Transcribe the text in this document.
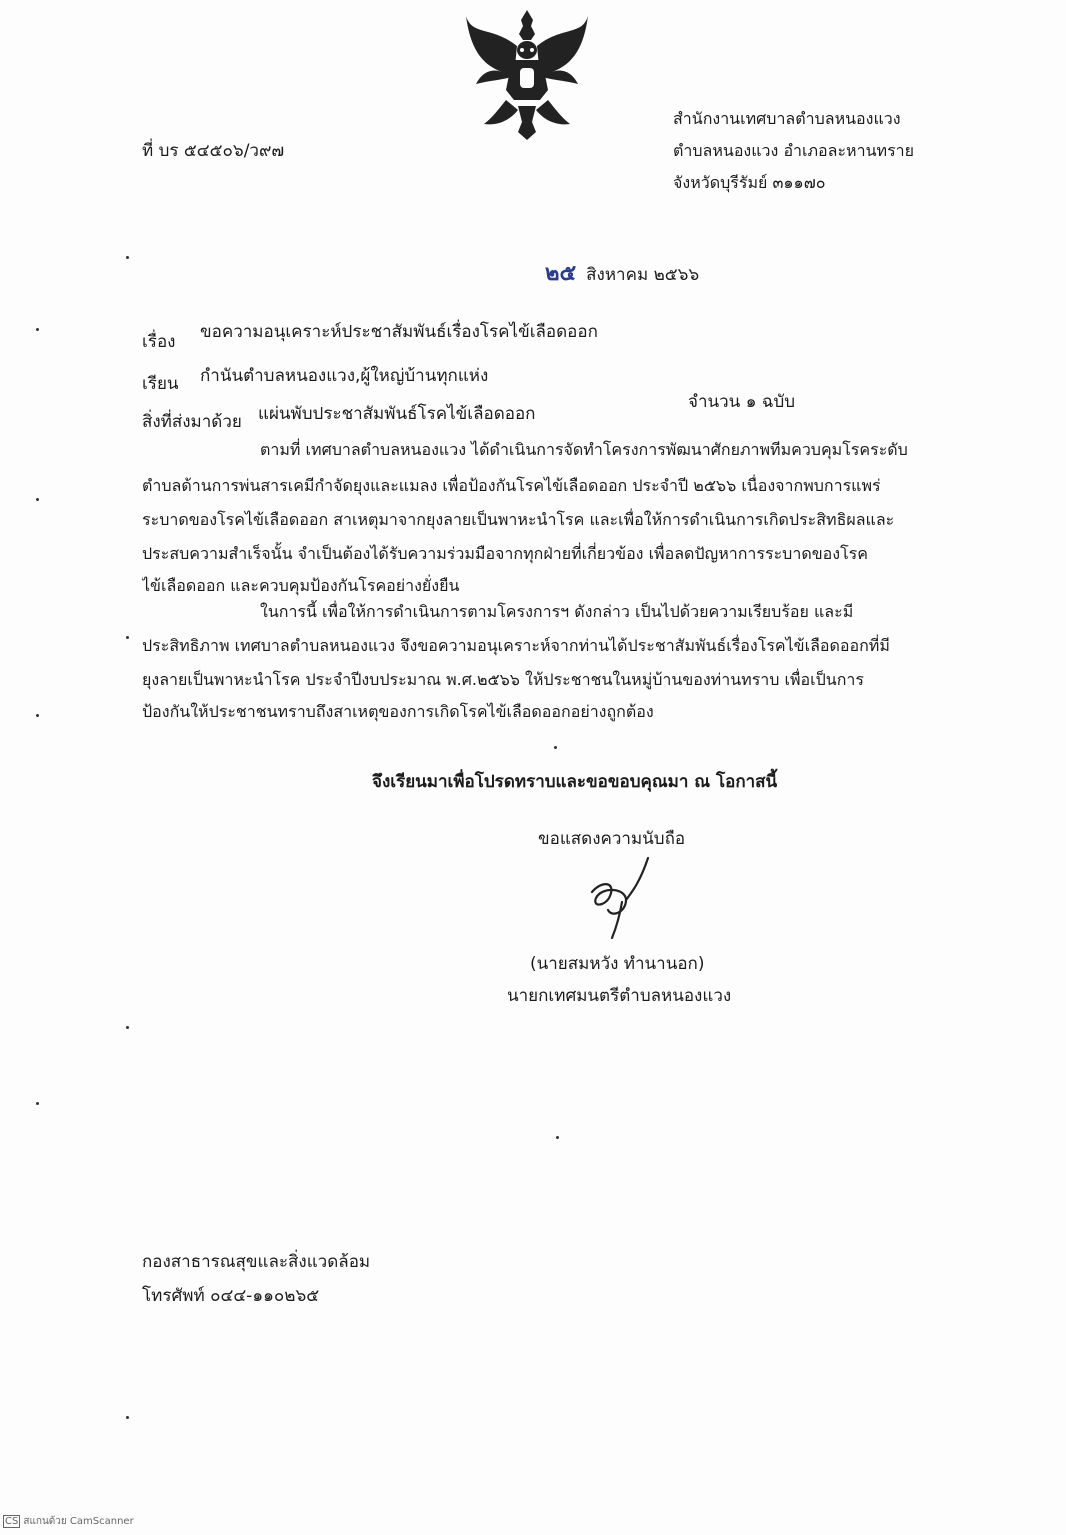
ที่ บร ๕๔๕๐๖/ว๙๗
สำนักงานเทศบาลตำบลหนองแวง
ตำบลหนองแวง อำเภอละหานทราย
จังหวัดบุรีรัมย์ ๓๑๑๗๐
๒๕ สิงหาคม ๒๕๖๖
เรื่อง ขอความอนุเคราะห์ประชาสัมพันธ์เรื่องโรคไข้เลือดออก
เรียน กำนันตำบลหนองแวง,ผู้ใหญ่บ้านทุกแห่ง
สิ่งที่ส่งมาด้วย แผ่นพับประชาสัมพันธ์โรคไข้เลือดออก
จำนวน ๑ ฉบับ
ตามที่ เทศบาลตำบลหนองแวง ได้ดำเนินการจัดทำโครงการพัฒนาศักยภาพทีมควบคุมโรคระดับ
ตำบลด้านการพ่นสารเคมีกำจัดยุงและแมลง เพื่อป้องกันโรคไข้เลือดออก ประจำปี ๒๕๖๖ เนื่องจากพบการแพร่
ระบาดของโรคไข้เลือดออก สาเหตุมาจากยุงลายเป็นพาหะนำโรค และเพื่อให้การดำเนินการเกิดประสิทธิผลและ
ประสบความสำเร็จนั้น จำเป็นต้องได้รับความร่วมมือจากทุกฝ่ายที่เกี่ยวข้อง เพื่อลดปัญหาการระบาดของโรค
ไข้เลือดออก และควบคุมป้องกันโรคอย่างยั่งยืน
ในการนี้ เพื่อให้การดำเนินการตามโครงการฯ ดังกล่าว เป็นไปด้วยความเรียบร้อย และมี
ประสิทธิภาพ เทศบาลตำบลหนองแวง จึงขอความอนุเคราะห์จากท่านได้ประชาสัมพันธ์เรื่องโรคไข้เลือดออกที่มี
ยุงลายเป็นพาหะนำโรค ประจำปีงบประมาณ พ.ศ.๒๕๖๖ ให้ประชาชนในหมู่บ้านของท่านทราบ เพื่อเป็นการ
ป้องกันให้ประชาชนทราบถึงสาเหตุของการเกิดโรคไข้เลือดออกอย่างถูกต้อง
จึงเรียนมาเพื่อโปรดทราบและขอขอบคุณมา ณ โอกาสนี้
ขอแสดงความนับถือ
(นายสมหวัง ทำนานอก)
นายกเทศมนตรีตำบลหนองแวง
กองสาธารณสุขและสิ่งแวดล้อม
โทรศัพท์ ๐๔๔-๑๑๐๒๖๕
CS สแกนด้วย CamScanner
